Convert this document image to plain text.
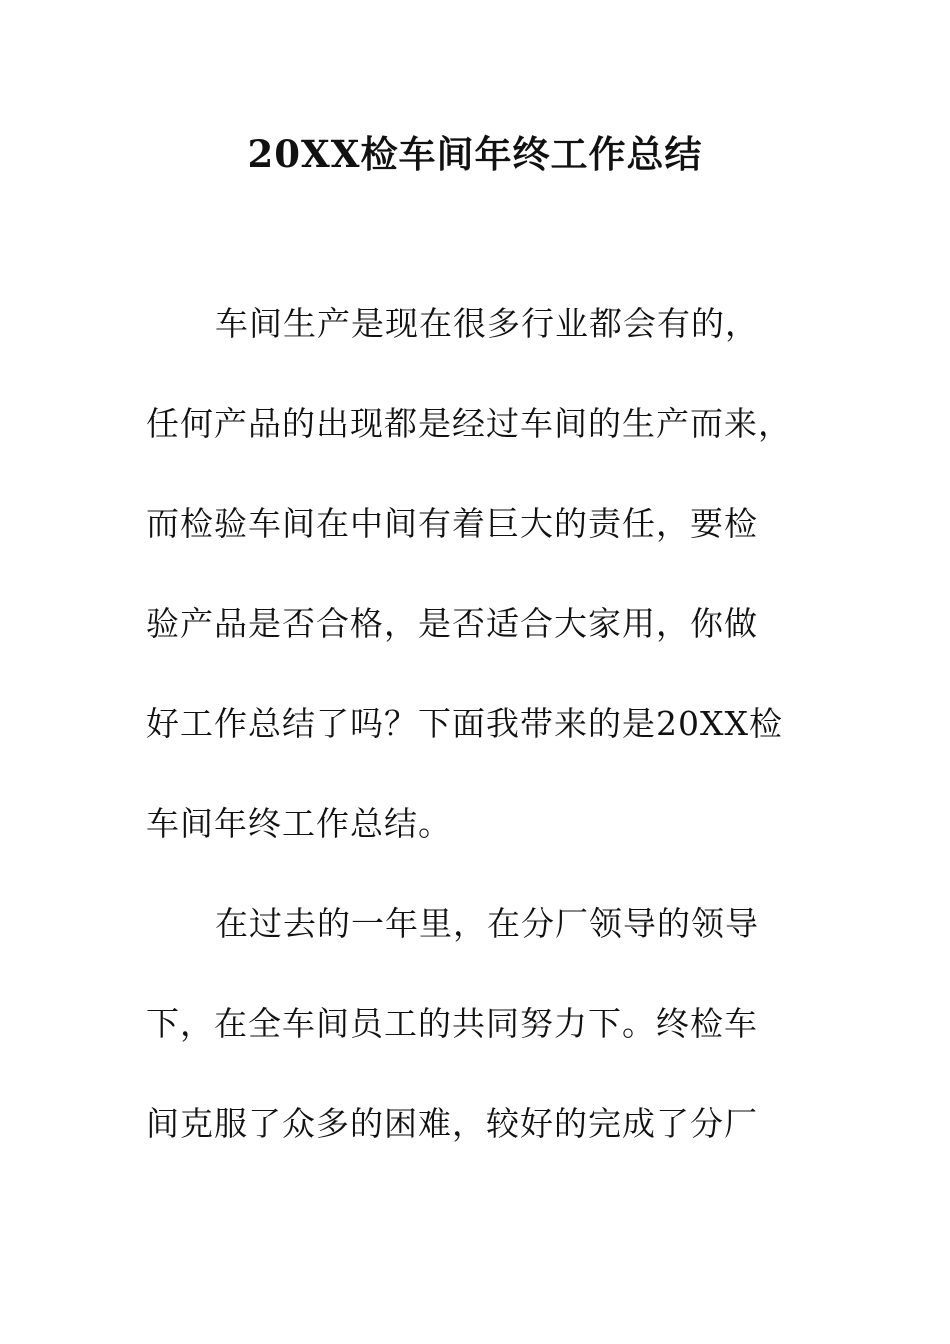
20XX检车间年终工作总结
车间生产是现在很多行业都会有的，
任何产品的出现都是经过车间的生产而来，
而检验车间在中间有着巨大的责任，要检
验产品是否合格，是否适合大家用，你做
好工作总结了吗？下面我带来的是20XX检
车间年终工作总结。
在过去的一年里，在分厂领导的领导
下，在全车间员工的共同努力下。终检车
间克服了众多的困难，较好的完成了分厂
